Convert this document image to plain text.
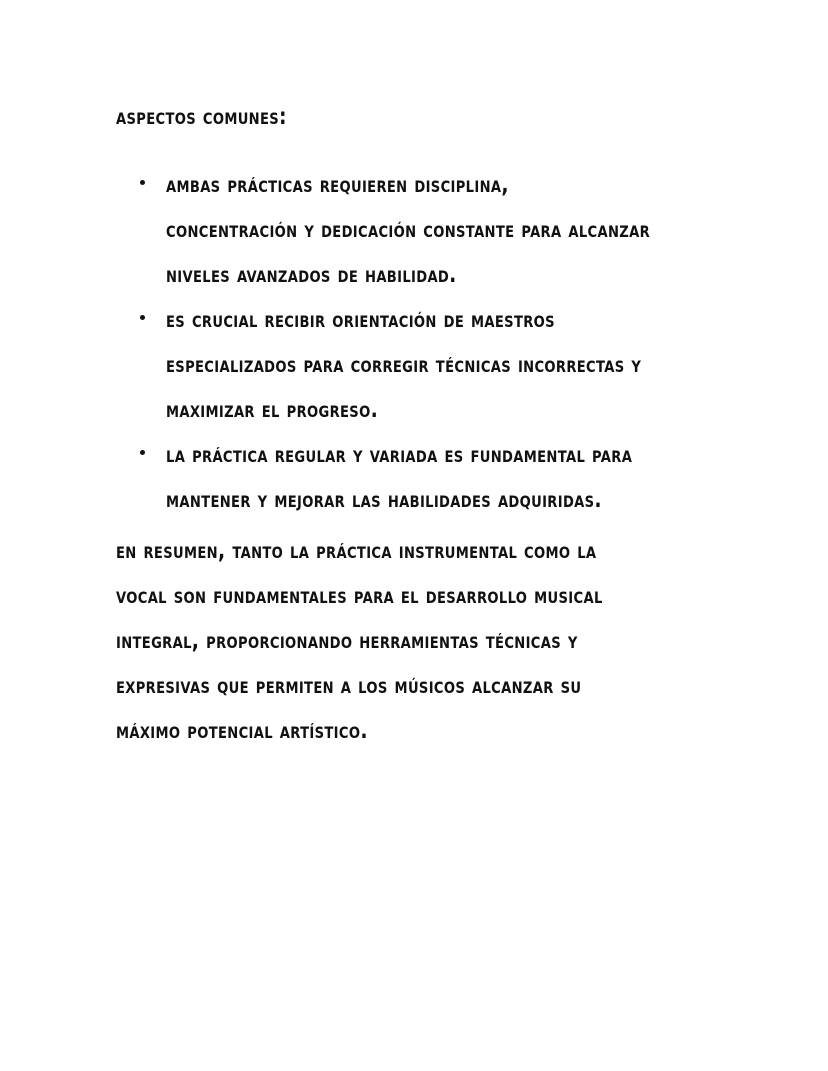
aspectos comunes:
ambas prácticas requieren disciplina,
concentración y dedicación constante para alcanzar
niveles avanzados de habilidad.
es crucial recibir orientación de maestros
especializados para corregir técnicas incorrectas y
maximizar el progreso.
la práctica regular y variada es fundamental para
mantener y mejorar las habilidades adquiridas.
en resumen, tanto la práctica instrumental como la
vocal son fundamentales para el desarrollo musical
integral, proporcionando herramientas técnicas y
expresivas que permiten a los músicos alcanzar su
máximo potencial artístico.
